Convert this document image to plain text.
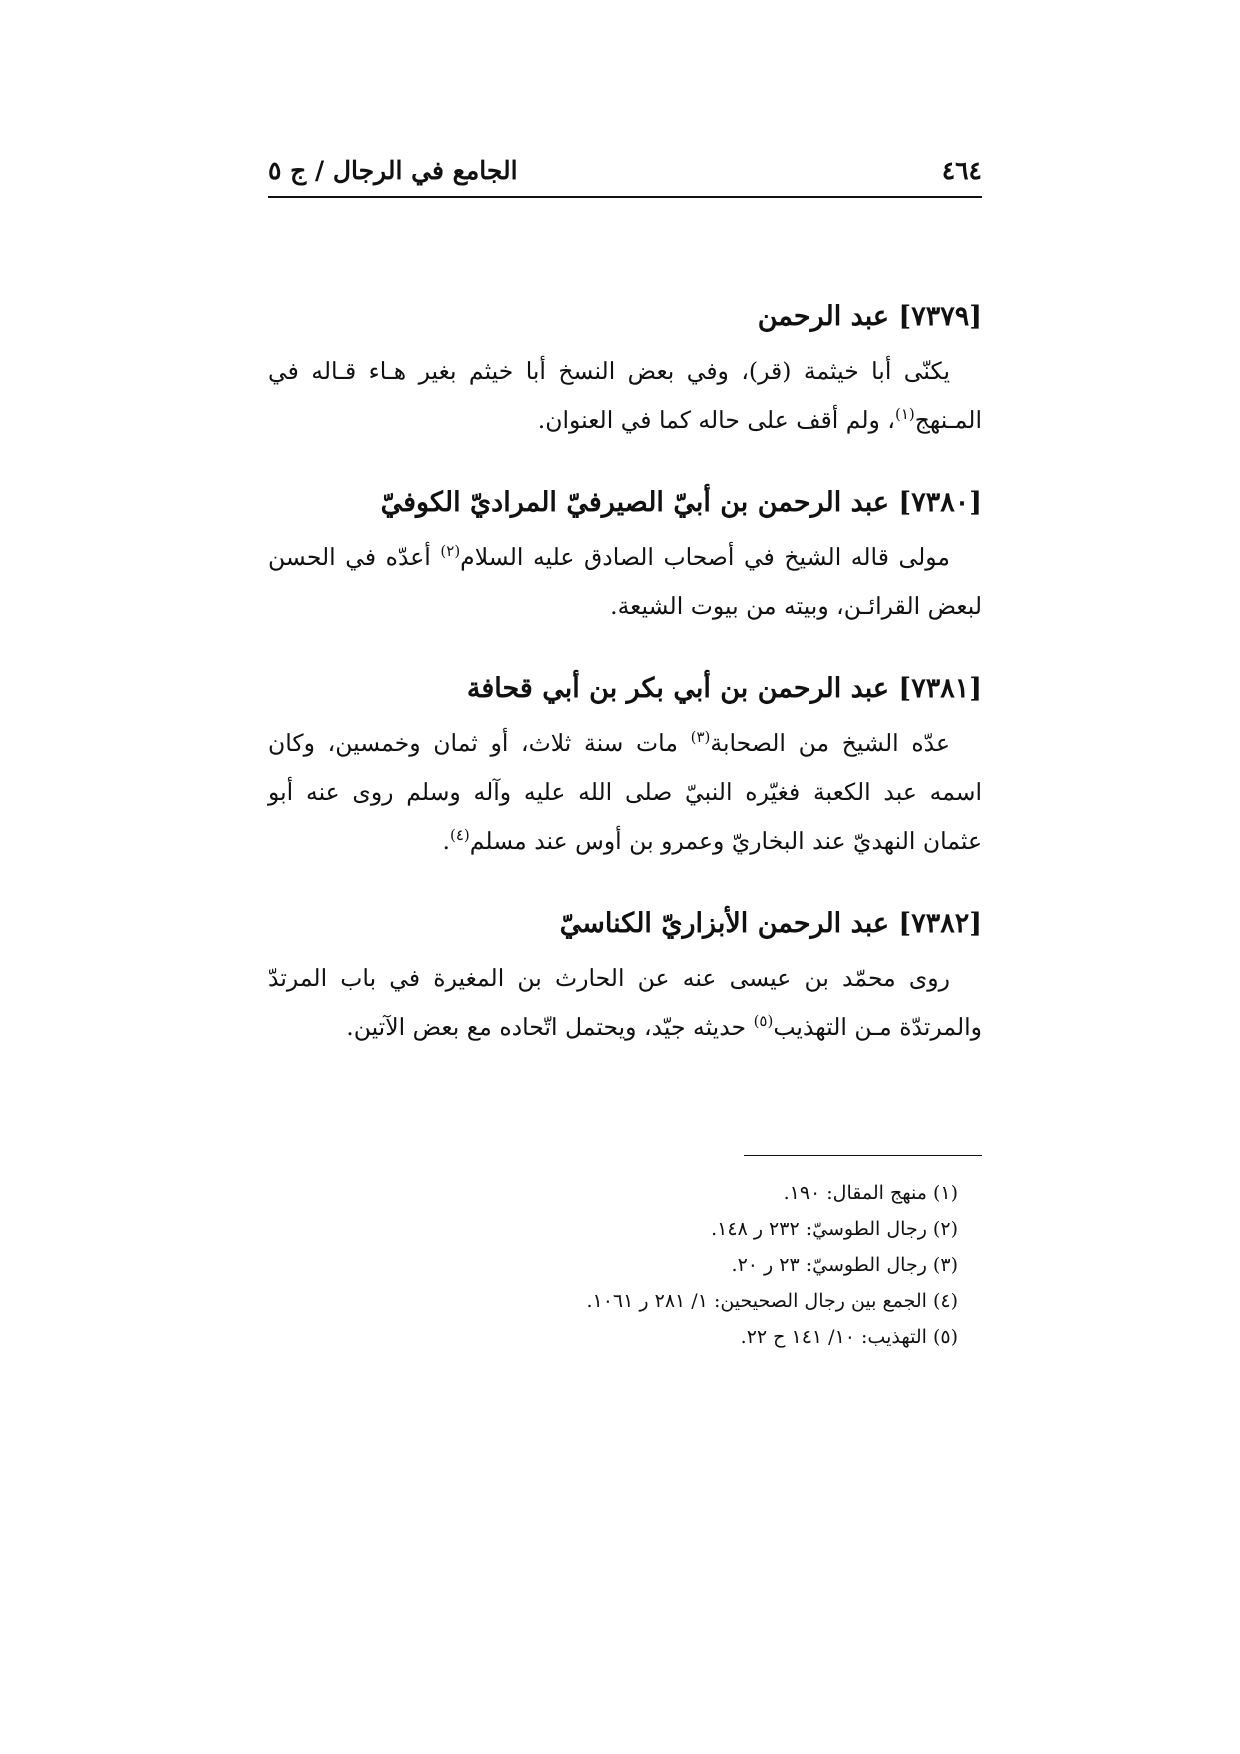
٤٦٤
الجامع في الرجال / ج ٥
[٧٣٧٩] عبد الرحمن

يكنّى أبا خيثمة (قر)، وفي بعض النسخ أبا خيثم بغير هـاء قـاله في المـنهج$^{(١)}$، ولم أقف على حاله كما في العنوان.

[٧٣٨٠] عبد الرحمن بن أبيّ الصيرفيّ المراديّ الكوفيّ

مولى قاله الشيخ في أصحاب الصادق عليه السلام$^{(٢)}$ أعدّه في الحسن لبعض القرائـن، وبيته من بيوت الشيعة.

[٧٣٨١] عبد الرحمن بن أبي بكر بن أبي قحافة

عدّه الشيخ من الصحابة$^{(٣)}$ مات سنة ثلاث، أو ثمان وخمسين، وكان اسمه عبد الكعبة فغيّره النبيّ صلى الله عليه وآله وسلم روى عنه أبو عثمان النهديّ عند البخاريّ وعمرو بن أوس عند مسلم$^{(٤)}$.

[٧٣٨٢] عبد الرحمن الأبزاريّ الكناسيّ

روى محمّد بن عيسى عنه عن الحارث بن المغيرة في باب المرتدّ والمرتدّة مـن التهذيب$^{(٥)}$ حديثه جيّد، ويحتمل اتّحاده مع بعض الآتين.

(١) منهج المقال: ١٩٠.
(٢) رجال الطوسيّ: ٢٣٢ ر ١٤٨.
(٣) رجال الطوسيّ: ٢٣ ر ٢٠.
(٤) الجمع بين رجال الصحيحين: ١/ ٢٨١ ر ١٠٦١.
(٥) التهذيب: ١٠/ ١٤١ ح ٢٢.
